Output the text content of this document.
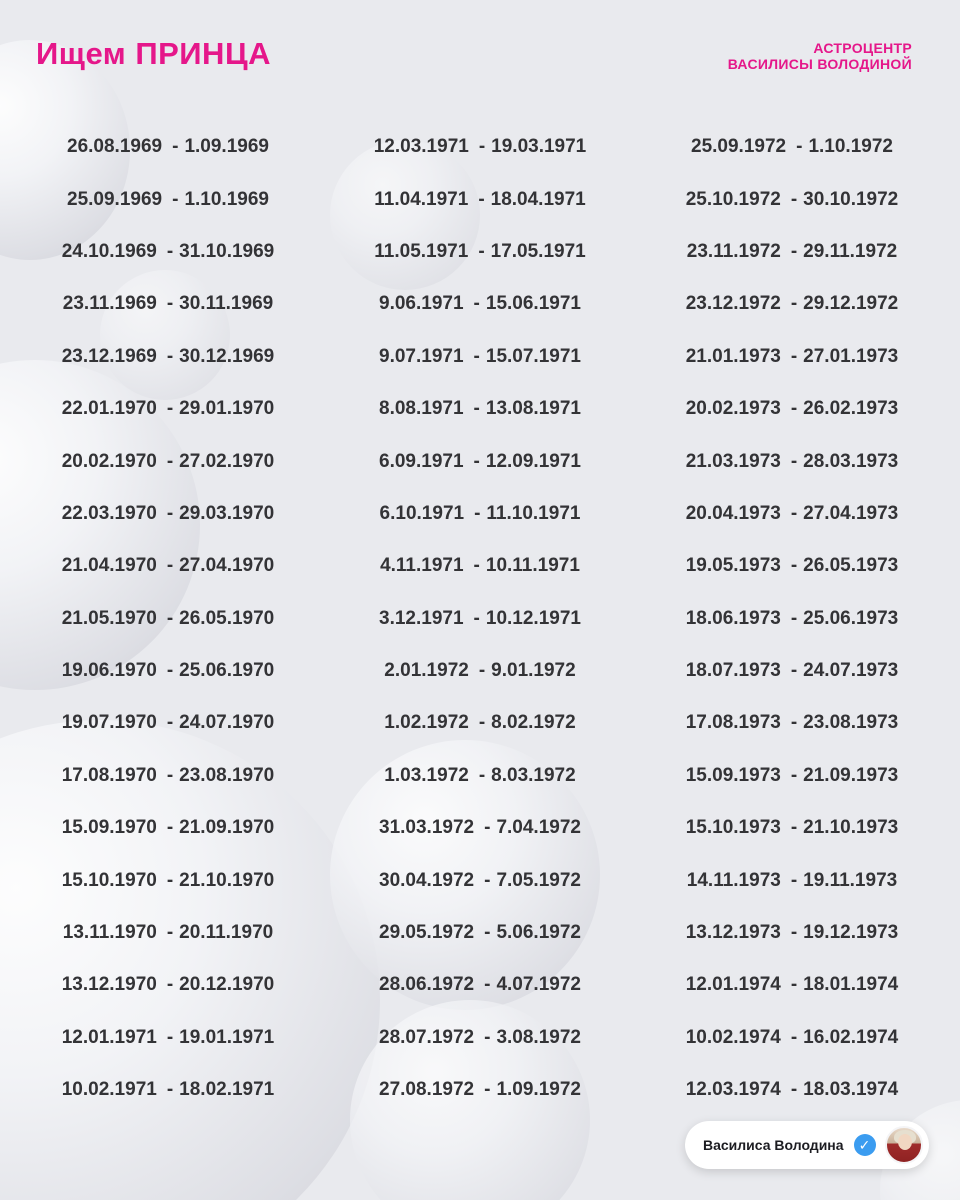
Ищем ПРИНЦА	АСТРОЦЕНТР
ВАСИЛИСЫ ВОЛОДИНОЙ
26.08.1969 - 1.09.1969
25.09.1969 - 1.10.1969
24.10.1969 - 31.10.1969
23.11.1969 - 30.11.1969
23.12.1969 - 30.12.1969
22.01.1970 - 29.01.1970
20.02.1970 - 27.02.1970
22.03.1970 - 29.03.1970
21.04.1970 - 27.04.1970
21.05.1970 - 26.05.1970
19.06.1970 - 25.06.1970
19.07.1970 - 24.07.1970
17.08.1970 - 23.08.1970
15.09.1970 - 21.09.1970
15.10.1970 - 21.10.1970
13.11.1970 - 20.11.1970
13.12.1970 - 20.12.1970
12.01.1971 - 19.01.1971
10.02.1971 - 18.02.1971
12.03.1971 - 19.03.1971
11.04.1971 - 18.04.1971
11.05.1971 - 17.05.1971
9.06.1971 - 15.06.1971
9.07.1971 - 15.07.1971
8.08.1971 - 13.08.1971
6.09.1971 - 12.09.1971
6.10.1971 - 11.10.1971
4.11.1971 - 10.11.1971
3.12.1971 - 10.12.1971
2.01.1972 - 9.01.1972
1.02.1972 - 8.02.1972
1.03.1972 - 8.03.1972
31.03.1972 - 7.04.1972
30.04.1972 - 7.05.1972
29.05.1972 - 5.06.1972
28.06.1972 - 4.07.1972
28.07.1972 - 3.08.1972
27.08.1972 - 1.09.1972
25.09.1972 - 1.10.1972
25.10.1972 - 30.10.1972
23.11.1972 - 29.11.1972
23.12.1972 - 29.12.1972
21.01.1973 - 27.01.1973
20.02.1973 - 26.02.1973
21.03.1973 - 28.03.1973
20.04.1973 - 27.04.1973
19.05.1973 - 26.05.1973
18.06.1973 - 25.06.1973
18.07.1973 - 24.07.1973
17.08.1973 - 23.08.1973
15.09.1973 - 21.09.1973
15.10.1973 - 21.10.1973
14.11.1973 - 19.11.1973
13.12.1973 - 19.12.1973
12.01.1974 - 18.01.1974
10.02.1974 - 16.02.1974
12.03.1974 - 18.03.1974
Василиса Володина	✓
